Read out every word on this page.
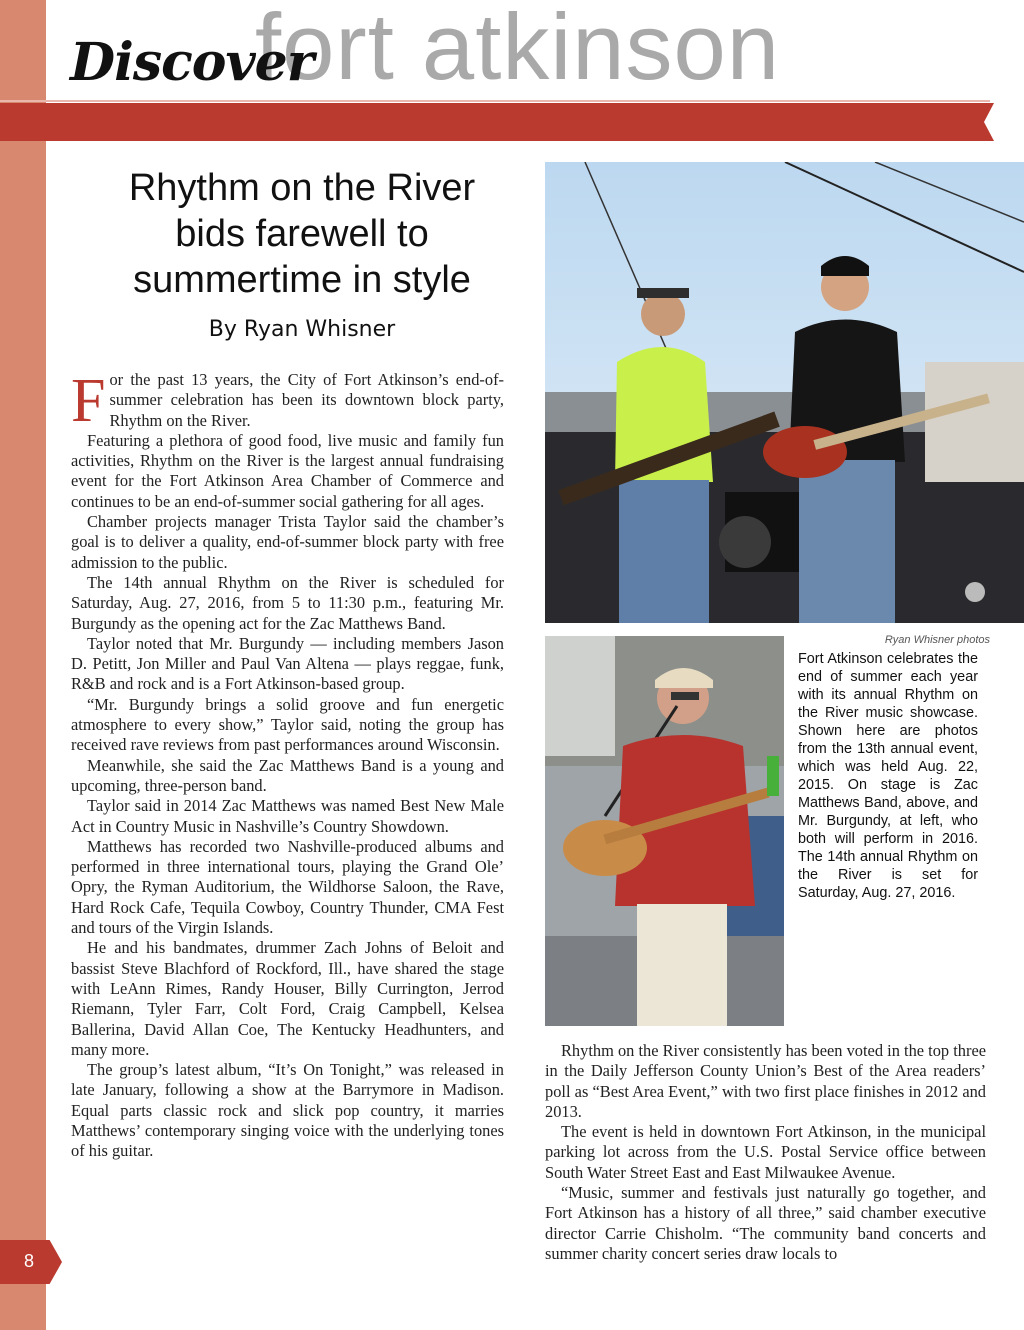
fort atkinson
Discover
Rhythm on the River
bids farewell to
summertime in style
By Ryan Whisner

For the past 13 years, the City of Fort Atkinson’s end-of-summer celebration has been its downtown block party, Rhythm on the River.

Featuring a plethora of good food, live music and family fun activities, Rhythm on the River is the largest annual fundraising event for the Fort Atkinson Area Chamber of Commerce and continues to be an end-of-summer social gathering for all ages.

Chamber projects manager Trista Taylor said the chamber’s goal is to deliver a quality, end-of-summer block party with free admission to the public.

The 14th annual Rhythm on the River is scheduled for Saturday, Aug. 27, 2016, from 5 to 11:30 p.m., featuring Mr. Burgundy as the opening act for the Zac Matthews Band.

Taylor noted that Mr. Burgundy — including members Jason D. Petitt, Jon Miller and Paul Van Altena — plays reggae, funk, R&B and rock and is a Fort Atkinson-based group.

“Mr. Burgundy brings a solid groove and fun energetic atmosphere to every show,” Taylor said, noting the group has received rave reviews from past performances around Wisconsin.

Meanwhile, she said the Zac Matthews Band is a young and upcoming, three-person band.

Taylor said in 2014 Zac Matthews was named Best New Male Act in Country Music in Nashville’s Country Showdown.

Matthews has recorded two Nashville-produced albums and performed in three international tours, playing the Grand Ole’ Opry, the Ryman Auditorium, the Wildhorse Saloon, the Rave, Hard Rock Cafe, Tequila Cowboy, Country Thunder, CMA Fest and tours of the Virgin Islands.

He and his bandmates, drummer Zach Johns of Beloit and bassist Steve Blachford of Rockford, Ill., have shared the stage with LeAnn Rimes, Randy Houser, Billy Currington, Jerrod Riemann, Tyler Farr, Colt Ford, Craig Campbell, Kelsea Ballerina, David Allan Coe, The Kentucky Headhunters, and many more.

The group’s latest album, “It’s On Tonight,” was released in late January, following a show at the Barrymore in Madison. Equal parts classic rock and slick pop country, it marries Matthews’ contemporary singing voice with the underlying tones of his guitar.

Ryan Whisner photos
Fort Atkinson celebrates the end of summer each year with its annual Rhythm on the River music showcase. Shown here are photos from the 13th annual event, which was held Aug. 22, 2015. On stage is Zac Matthews Band, above, and Mr. Burgundy, at left, who both will perform in 2016. The 14th annual Rhythm on the River is set for Saturday, Aug. 27, 2016.

Rhythm on the River consistently has been voted in the top three in the Daily Jefferson County Union’s Best of the Area readers’ poll as “Best Area Event,” with two first place finishes in 2012 and 2013.

The event is held in downtown Fort Atkinson, in the municipal parking lot across from the U.S. Postal Service office between South Water Street East and East Milwaukee Avenue.

“Music, summer and festivals just naturally go together, and Fort Atkinson has a history of all three,” said chamber executive director Carrie Chisholm. “The community band concerts and summer charity concert series draw locals to

8
